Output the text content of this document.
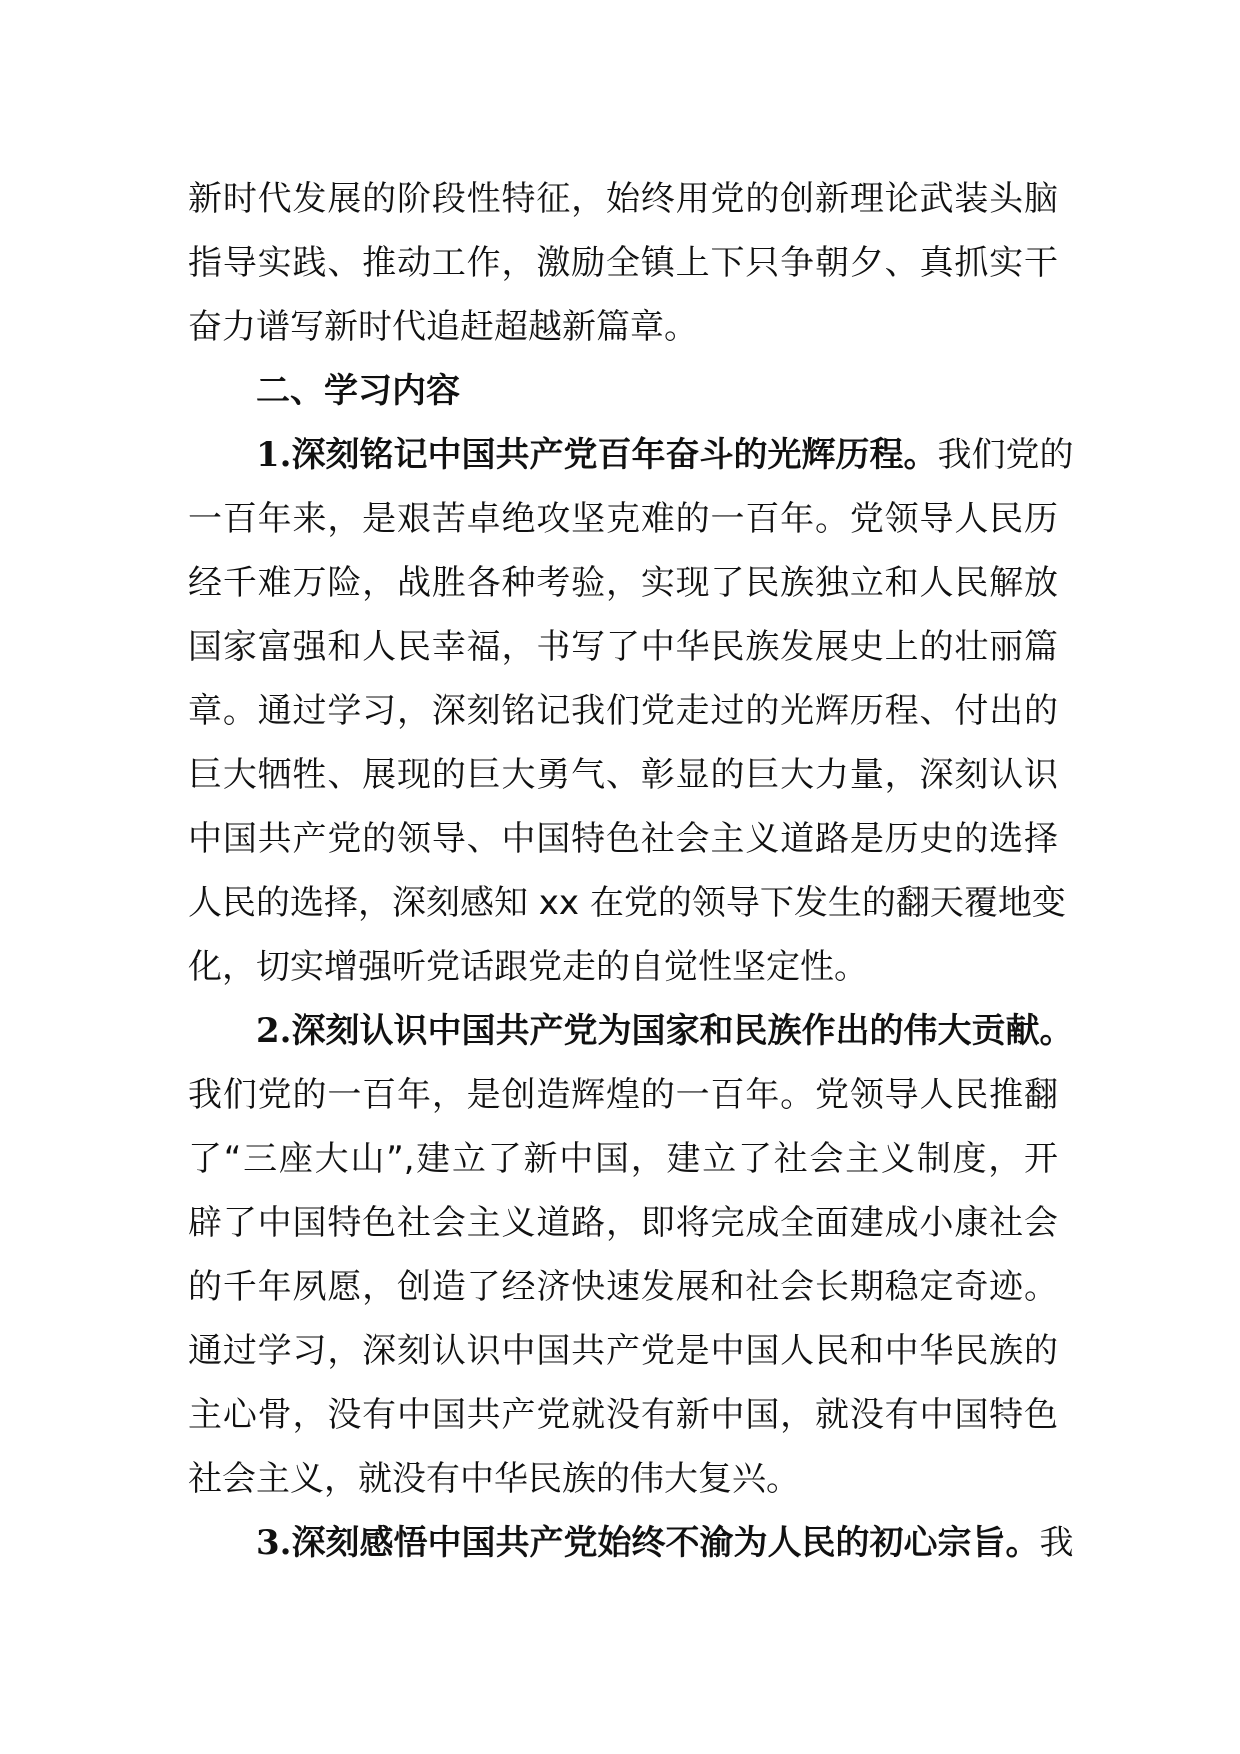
新时代发展的阶段性特征，始终用党的创新理论武装头脑
指导实践、推动工作，激励全镇上下只争朝夕、真抓实干
奋力谱写新时代追赶超越新篇章。
二、学习内容
1.深刻铭记中国共产党百年奋斗的光辉历程。我们党的
一百年来，是艰苦卓绝攻坚克难的一百年。党领导人民历
经千难万险，战胜各种考验，实现了民族独立和人民解放
国家富强和人民幸福，书写了中华民族发展史上的壮丽篇
章。通过学习，深刻铭记我们党走过的光辉历程、付出的
巨大牺牲、展现的巨大勇气、彰显的巨大力量，深刻认识
中国共产党的领导、中国特色社会主义道路是历史的选择
人民的选择，深刻感知 xx 在党的领导下发生的翻天覆地变
化，切实增强听党话跟党走的自觉性坚定性。
2.深刻认识中国共产党为国家和民族作出的伟大贡献。
我们党的一百年，是创造辉煌的一百年。党领导人民推翻
了“三座大山”,建立了新中国，建立了社会主义制度，开
辟了中国特色社会主义道路，即将完成全面建成小康社会
的千年夙愿，创造了经济快速发展和社会长期稳定奇迹。
通过学习，深刻认识中国共产党是中国人民和中华民族的
主心骨，没有中国共产党就没有新中国，就没有中国特色
社会主义，就没有中华民族的伟大复兴。
3.深刻感悟中国共产党始终不渝为人民的初心宗旨。我
